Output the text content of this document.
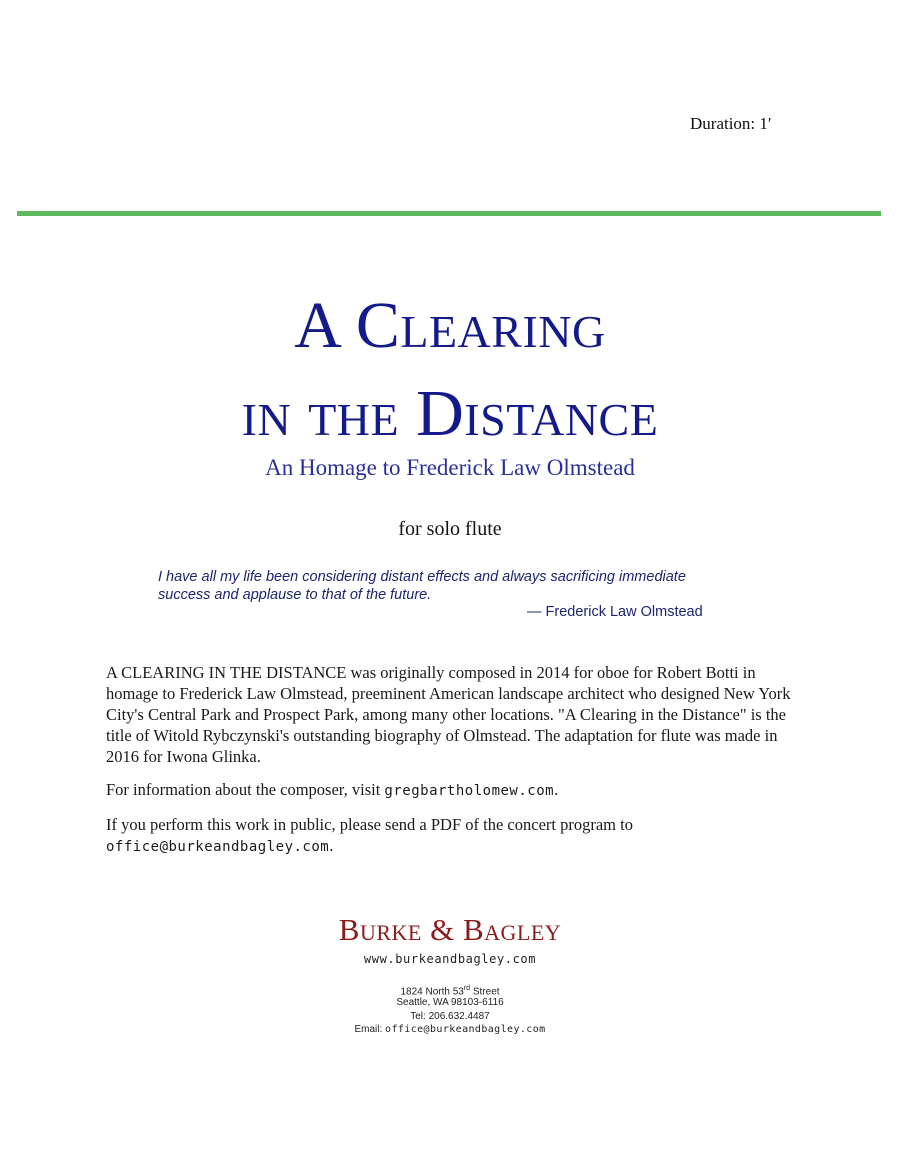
Duration: 1′
A Clearing
in the Distance
An Homage to Frederick Law Olmstead
for solo flute
I have all my life been considering distant effects and always sacrificing immediate success and applause to that of the future.
— Frederick Law Olmstead

A CLEARING IN THE DISTANCE was originally composed in 2014 for oboe for Robert Botti in homage to Frederick Law Olmstead, preeminent American landscape architect who designed New York City's Central Park and Prospect Park, among many other locations. "A Clearing in the Distance" is the title of Witold Rybczynski's outstanding biography of Olmstead. The adaptation for flute was made in 2016 for Iwona Glinka.

For information about the composer, visit gregbartholomew.com.

If you perform this work in public, please send a PDF of the concert program to office@burkeandbagley.com.

Burke & Bagley
www.burkeandbagley.com
1824 North 53rd Street
Seattle, WA 98103-6116
Tel: 206.632.4487
Email: office@burkeandbagley.com
